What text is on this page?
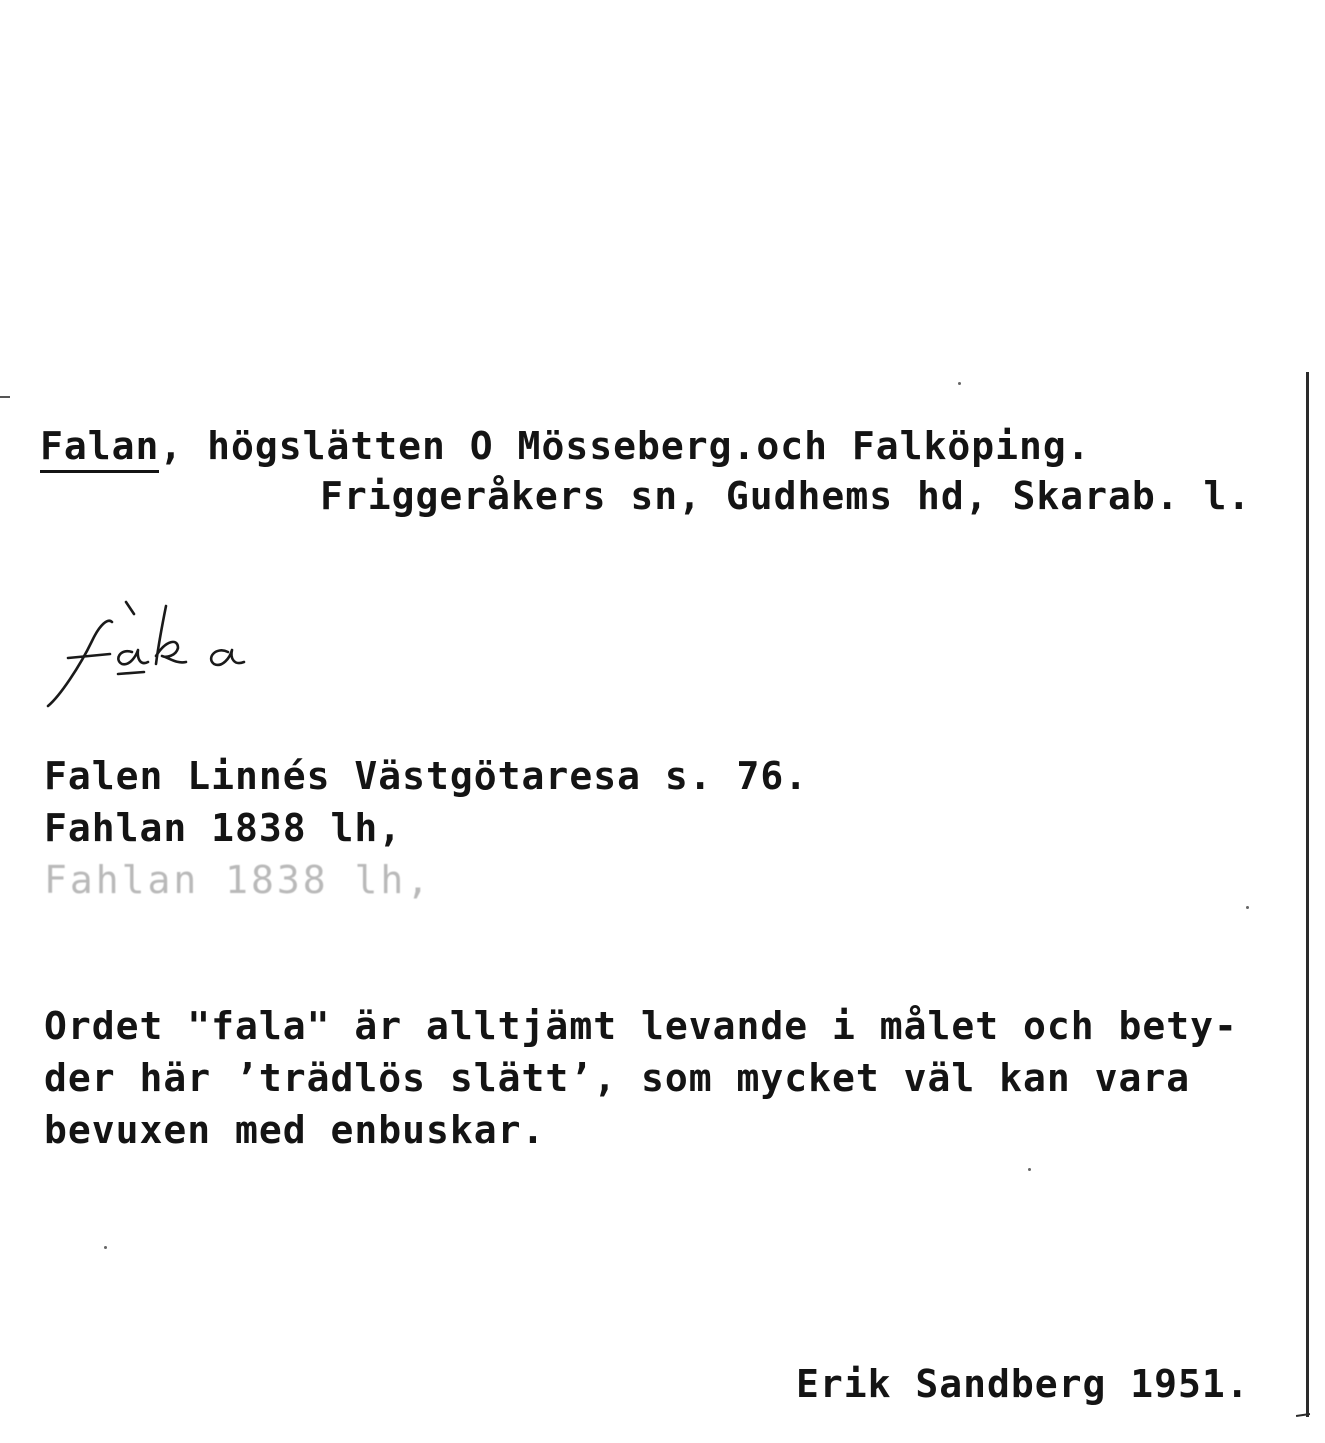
Falan, högslätten O Mösseberg.och Falköping.
Friggeråkers sn, Gudhems hd, Skarab. l.
Falen Linnés Västgötaresa s. 76.
Fahlan 1838 lh,
Fahlan 1838 lh,
Ordet "fala" är alltjämt levande i målet och bety-
der här ’trädlös slätt’, som mycket väl kan vara
bevuxen med enbuskar.
Erik Sandberg 1951.
